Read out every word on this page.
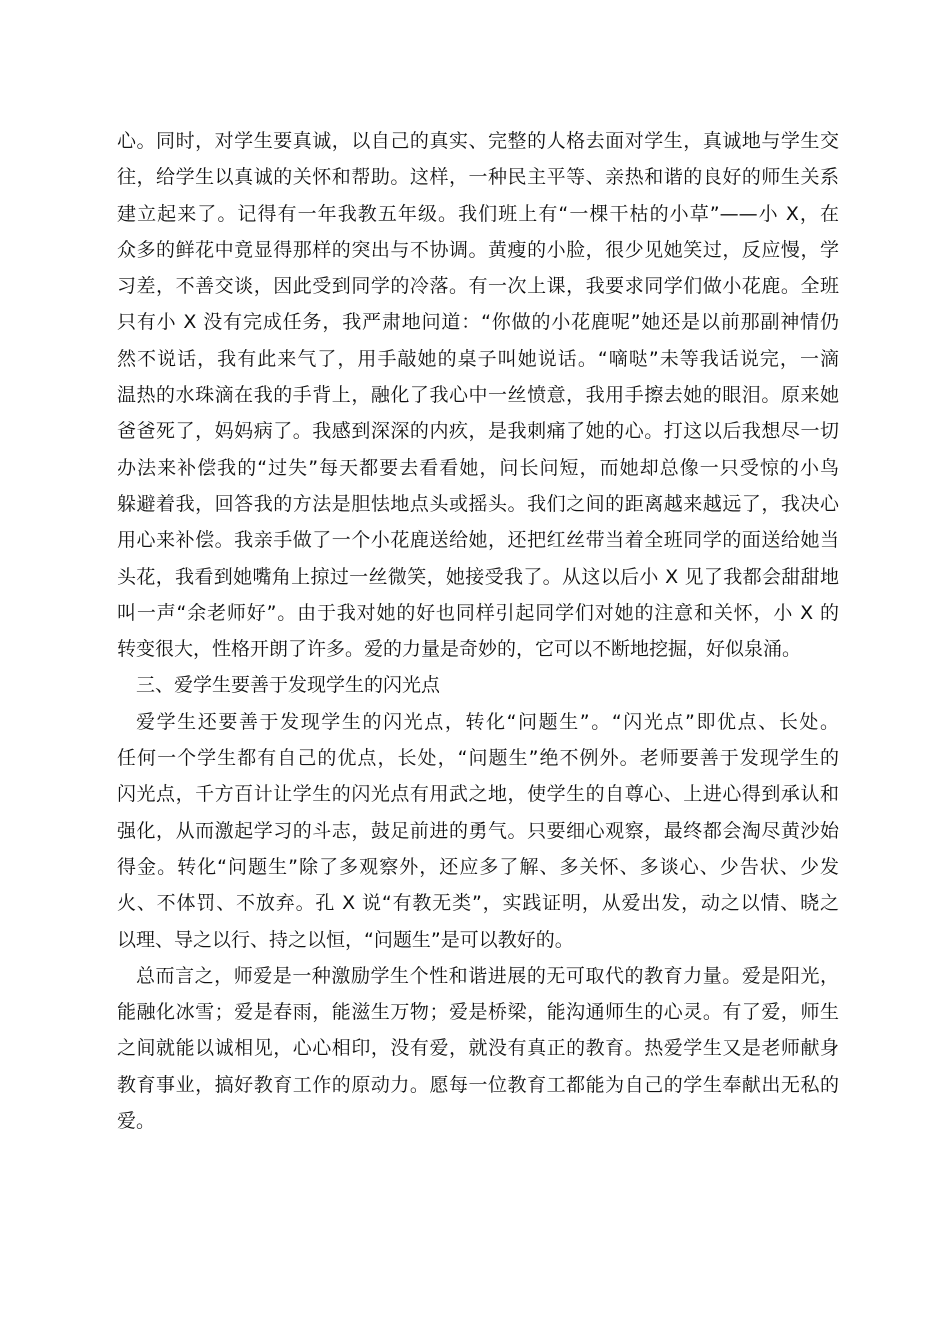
心。同时，对学生要真诚，以自己的真实、完整的人格去面对学生，真诚地与学生交
往，给学生以真诚的关怀和帮助。这样，一种民主平等、亲热和谐的良好的师生关系
建立起来了。记得有一年我教五年级。我们班上有“一棵干枯的小草”——小 X，在
众多的鲜花中竟显得那样的突出与不协调。黄瘦的小脸，很少见她笑过，反应慢，学
习差，不善交谈，因此受到同学的冷落。有一次上课，我要求同学们做小花鹿。全班
只有小 X 没有完成任务，我严肃地问道：“你做的小花鹿呢”她还是以前那副神情仍
然不说话，我有此来气了，用手敲她的桌子叫她说话。“嘀哒”未等我话说完，一滴
温热的水珠滴在我的手背上，融化了我心中一丝愤意，我用手擦去她的眼泪。原来她
爸爸死了，妈妈病了。我感到深深的内疚，是我刺痛了她的心。打这以后我想尽一切
办法来补偿我的“过失”每天都要去看看她，问长问短，而她却总像一只受惊的小鸟
躲避着我，回答我的方法是胆怯地点头或摇头。我们之间的距离越来越远了，我决心
用心来补偿。我亲手做了一个小花鹿送给她，还把红丝带当着全班同学的面送给她当
头花，我看到她嘴角上掠过一丝微笑，她接受我了。从这以后小 X 见了我都会甜甜地
叫一声“余老师好”。由于我对她的好也同样引起同学们对她的注意和关怀，小 X 的
转变很大，性格开朗了许多。爱的力量是奇妙的，它可以不断地挖掘，好似泉涌。
三、爱学生要善于发现学生的闪光点
爱学生还要善于发现学生的闪光点，转化“问题生”。“闪光点”即优点、长处。
任何一个学生都有自己的优点，长处，“问题生”绝不例外。老师要善于发现学生的
闪光点，千方百计让学生的闪光点有用武之地，使学生的自尊心、上进心得到承认和
强化，从而激起学习的斗志，鼓足前进的勇气。只要细心观察，最终都会淘尽黄沙始
得金。转化“问题生”除了多观察外，还应多了解、多关怀、多谈心、少告状、少发
火、不体罚、不放弃。孔 X 说“有教无类”，实践证明，从爱出发，动之以情、晓之
以理、导之以行、持之以恒，“问题生”是可以教好的。
总而言之，师爱是一种激励学生个性和谐进展的无可取代的教育力量。爱是阳光，
能融化冰雪；爱是春雨，能滋生万物；爱是桥梁，能沟通师生的心灵。有了爱，师生
之间就能以诚相见，心心相印，没有爱，就没有真正的教育。热爱学生又是老师献身
教育事业，搞好教育工作的原动力。愿每一位教育工都能为自己的学生奉献出无私的
爱。
